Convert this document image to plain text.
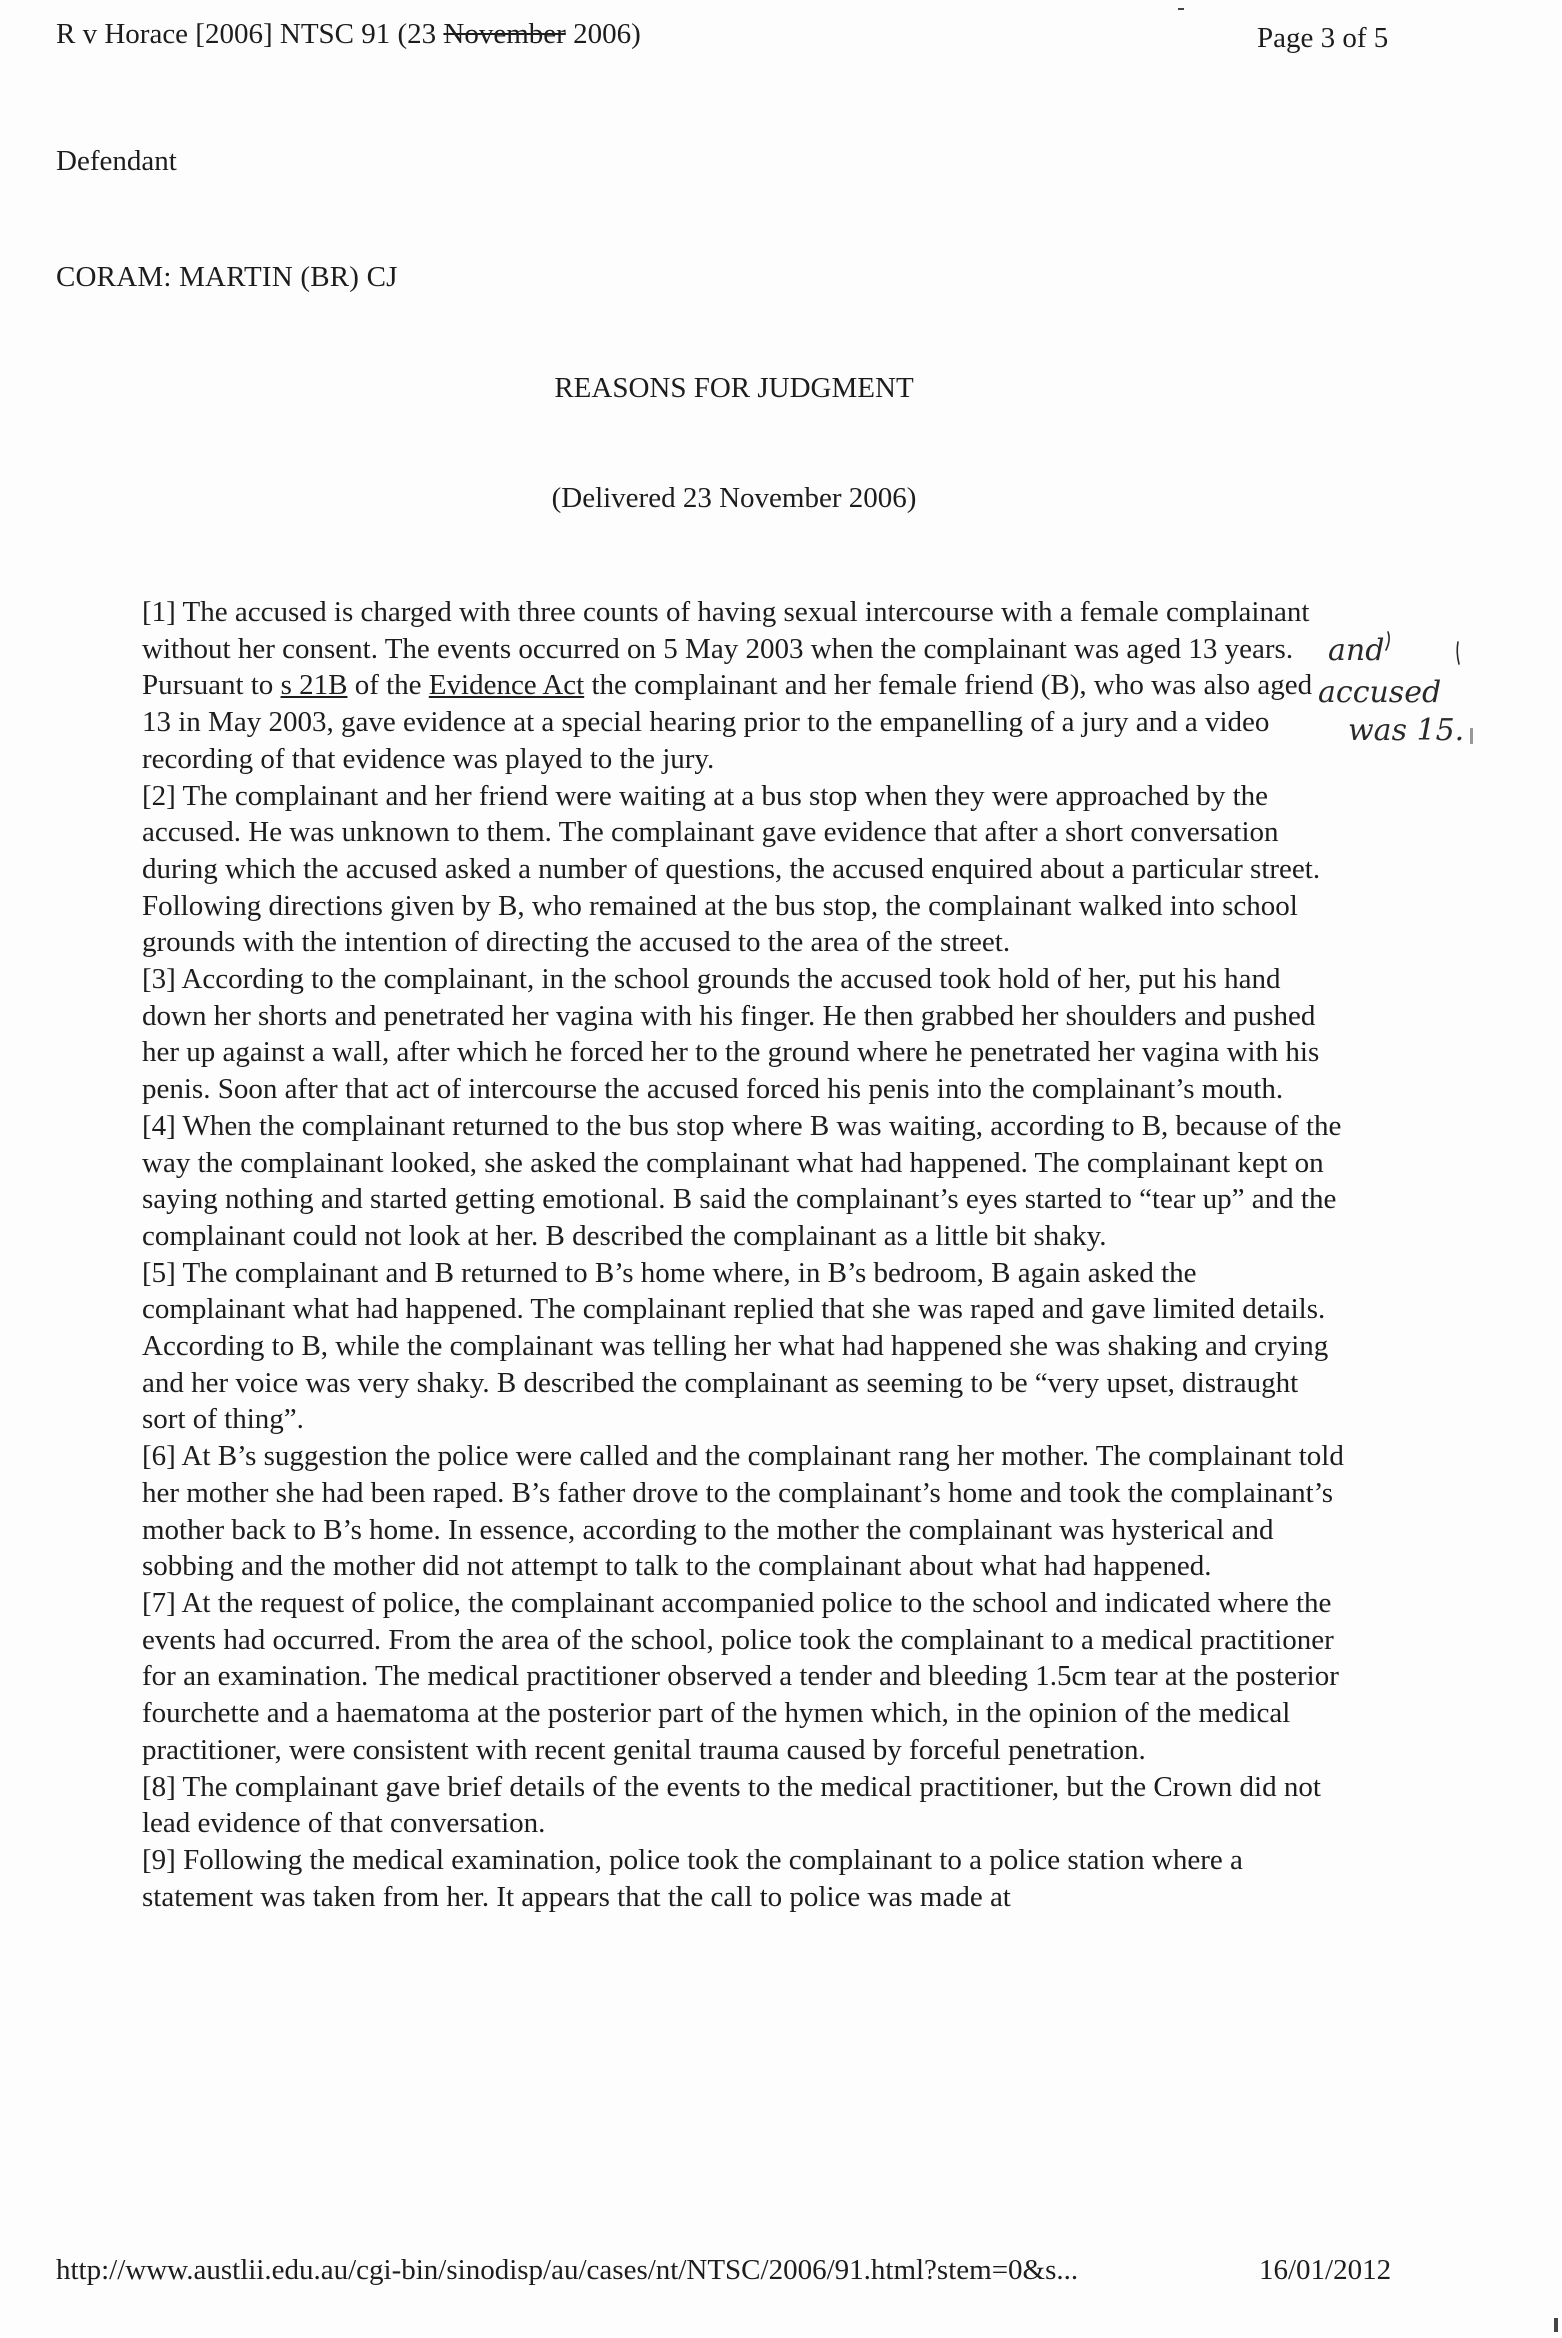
R v Horace [2006] NTSC 91 (23 November 2006)	Page 3 of 5
Defendant
CORAM: MARTIN (BR) CJ
REASONS FOR JUDGMENT
(Delivered 23 November 2006)

[1] The accused is charged with three counts of having sexual intercourse with a female complainant without her consent. The events occurred on 5 May 2003 when the complainant was aged 13 years. Pursuant to s 21B of the Evidence Act the complainant and her female friend (B), who was also aged 13 in May 2003, gave evidence at a special hearing prior to the empanelling of a jury and a video recording of that evidence was played to the jury.

[2] The complainant and her friend were waiting at a bus stop when they were approached by the accused. He was unknown to them. The complainant gave evidence that after a short conversation during which the accused asked a number of questions, the accused enquired about a particular street. Following directions given by B, who remained at the bus stop, the complainant walked into school grounds with the intention of directing the accused to the area of the street.

[3] According to the complainant, in the school grounds the accused took hold of her, put his hand down her shorts and penetrated her vagina with his finger. He then grabbed her shoulders and pushed her up against a wall, after which he forced her to the ground where he penetrated her vagina with his penis. Soon after that act of intercourse the accused forced his penis into the complainant’s mouth.

[4] When the complainant returned to the bus stop where B was waiting, according to B, because of the way the complainant looked, she asked the complainant what had happened. The complainant kept on saying nothing and started getting emotional. B said the complainant’s eyes started to “tear up” and the complainant could not look at her. B described the complainant as a little bit shaky.

[5] The complainant and B returned to B’s home where, in B’s bedroom, B again asked the complainant what had happened. The complainant replied that she was raped and gave limited details. According to B, while the complainant was telling her what had happened she was shaking and crying and her voice was very shaky. B described the complainant as seeming to be “very upset, distraught sort of thing”.

[6] At B’s suggestion the police were called and the complainant rang her mother. The complainant told her mother she had been raped. B’s father drove to the complainant’s home and took the complainant’s mother back to B’s home. In essence, according to the mother the complainant was hysterical and sobbing and the mother did not attempt to talk to the complainant about what had happened.

[7] At the request of police, the complainant accompanied police to the school and indicated where the events had occurred. From the area of the school, police took the complainant to a medical practitioner for an examination. The medical practitioner observed a tender and bleeding 1.5cm tear at the posterior fourchette and a haematoma at the posterior part of the hymen which, in the opinion of the medical practitioner, were consistent with recent genital trauma caused by forceful penetration.

[8] The complainant gave brief details of the events to the medical practitioner, but the Crown did not lead evidence of that conversation.

[9] Following the medical examination, police took the complainant to a police station where a statement was taken from her. It appears that the call to police was made at

and
accused
was 15.
http://www.austlii.edu.au/cgi-bin/sinodisp/au/cases/nt/NTSC/2006/91.html?stem=0&s...	16/01/2012
